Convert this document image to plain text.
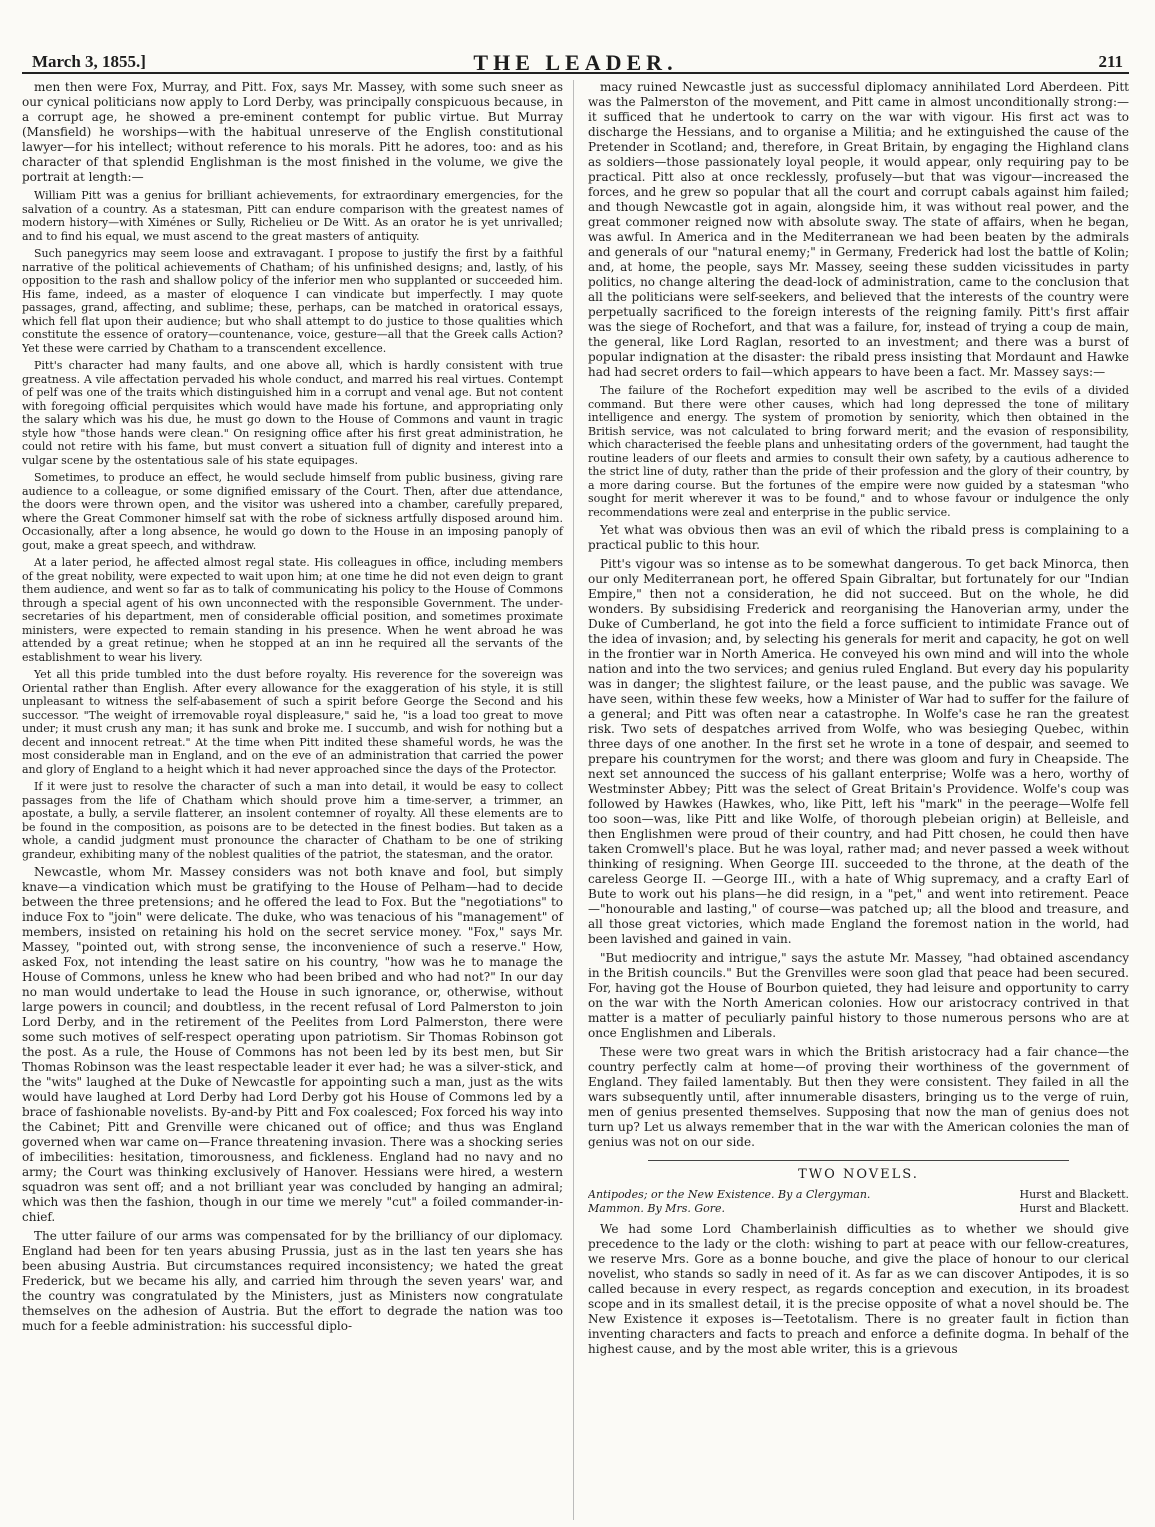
March 3, 1855.]	THE LEADER.	211

men then were Fox, Murray, and Pitt. Fox, says Mr. Massey, with some such sneer as our cynical politicians now apply to Lord Derby, was principally conspicuous because, in a corrupt age, he showed a pre-eminent contempt for public virtue. But Murray (Mansfield) he worships—with the habitual unreserve of the English constitutional lawyer—for his intellect; without reference to his morals. Pitt he adores, too: and as his character of that splendid Englishman is the most finished in the volume, we give the portrait at length:—

William Pitt was a genius for brilliant achievements, for extraordinary emergencies, for the salvation of a country. As a statesman, Pitt can endure comparison with the greatest names of modern history—with Ximénes or Sully, Richelieu or De Witt. As an orator he is yet unrivalled; and to find his equal, we must ascend to the great masters of antiquity.

Such panegyrics may seem loose and extravagant. I propose to justify the first by a faithful narrative of the political achievements of Chatham; of his unfinished designs; and, lastly, of his opposition to the rash and shallow policy of the inferior men who supplanted or succeeded him. His fame, indeed, as a master of eloquence I can vindicate but imperfectly. I may quote passages, grand, affecting, and sublime; these, perhaps, can be matched in oratorical essays, which fell flat upon their audience; but who shall attempt to do justice to those qualities which constitute the essence of oratory—countenance, voice, gesture—all that the Greek calls Action? Yet these were carried by Chatham to a transcendent excellence.

Pitt's character had many faults, and one above all, which is hardly consistent with true greatness. A vile affectation pervaded his whole conduct, and marred his real virtues. Contempt of pelf was one of the traits which distinguished him in a corrupt and venal age. But not content with foregoing official perquisites which would have made his fortune, and appropriating only the salary which was his due, he must go down to the House of Commons and vaunt in tragic style how "those hands were clean." On resigning office after his first great administration, he could not retire with his fame, but must convert a situation full of dignity and interest into a vulgar scene by the ostentatious sale of his state equipages.

Sometimes, to produce an effect, he would seclude himself from public business, giving rare audience to a colleague, or some dignified emissary of the Court. Then, after due attendance, the doors were thrown open, and the visitor was ushered into a chamber, carefully prepared, where the Great Commoner himself sat with the robe of sickness artfully disposed around him. Occasionally, after a long absence, he would go down to the House in an imposing panoply of gout, make a great speech, and withdraw.

At a later period, he affected almost regal state. His colleagues in office, including members of the great nobility, were expected to wait upon him; at one time he did not even deign to grant them audience, and went so far as to talk of communicating his policy to the House of Commons through a special agent of his own unconnected with the responsible Government. The under-secretaries of his department, men of considerable official position, and sometimes proximate ministers, were expected to remain standing in his presence. When he went abroad he was attended by a great retinue; when he stopped at an inn he required all the servants of the establishment to wear his livery.

Yet all this pride tumbled into the dust before royalty. His reverence for the sovereign was Oriental rather than English. After every allowance for the exaggeration of his style, it is still unpleasant to witness the self-abasement of such a spirit before George the Second and his successor. "The weight of irremovable royal displeasure," said he, "is a load too great to move under; it must crush any man; it has sunk and broke me. I succumb, and wish for nothing but a decent and innocent retreat." At the time when Pitt indited these shameful words, he was the most considerable man in England, and on the eve of an administration that carried the power and glory of England to a height which it had never approached since the days of the Protector.

If it were just to resolve the character of such a man into detail, it would be easy to collect passages from the life of Chatham which should prove him a time-server, a trimmer, an apostate, a bully, a servile flatterer, an insolent contemner of royalty. All these elements are to be found in the composition, as poisons are to be detected in the finest bodies. But taken as a whole, a candid judgment must pronounce the character of Chatham to be one of striking grandeur, exhibiting many of the noblest qualities of the patriot, the statesman, and the orator.

Newcastle, whom Mr. Massey considers was not both knave and fool, but simply knave—a vindication which must be gratifying to the House of Pelham—had to decide between the three pretensions; and he offered the lead to Fox. But the "negotiations" to induce Fox to "join" were delicate. The duke, who was tenacious of his "management" of members, insisted on retaining his hold on the secret service money. "Fox," says Mr. Massey, "pointed out, with strong sense, the inconvenience of such a reserve." How, asked Fox, not intending the least satire on his country, "how was he to manage the House of Commons, unless he knew who had been bribed and who had not?" In our day no man would undertake to lead the House in such ignorance, or, otherwise, without large powers in council; and doubtless, in the recent refusal of Lord Palmerston to join Lord Derby, and in the retirement of the Peelites from Lord Palmerston, there were some such motives of self-respect operating upon patriotism. Sir Thomas Robinson got the post. As a rule, the House of Commons has not been led by its best men, but Sir Thomas Robinson was the least respectable leader it ever had; he was a silver-stick, and the "wits" laughed at the Duke of Newcastle for appointing such a man, just as the wits would have laughed at Lord Derby had Lord Derby got his House of Commons led by a brace of fashionable novelists. By-and-by Pitt and Fox coalesced; Fox forced his way into the Cabinet; Pitt and Grenville were chicaned out of office; and thus was England governed when war came on—France threatening invasion. There was a shocking series of imbecilities: hesitation, timorousness, and fickleness. England had no navy and no army; the Court was thinking exclusively of Hanover. Hessians were hired, a western squadron was sent off; and a not brilliant year was concluded by hanging an admiral; which was then the fashion, though in our time we merely "cut" a foiled commander-in-chief.

The utter failure of our arms was compensated for by the brilliancy of our diplomacy. England had been for ten years abusing Prussia, just as in the last ten years she has been abusing Austria. But circumstances required inconsistency; we hated the great Frederick, but we became his ally, and carried him through the seven years' war, and the country was congratulated by the Ministers, just as Ministers now congratulate themselves on the adhesion of Austria. But the effort to degrade the nation was too much for a feeble administration: his successful diplo-

macy ruined Newcastle just as successful diplomacy annihilated Lord Aberdeen. Pitt was the Palmerston of the movement, and Pitt came in almost unconditionally strong:—it sufficed that he undertook to carry on the war with vigour. His first act was to discharge the Hessians, and to organise a Militia; and he extinguished the cause of the Pretender in Scotland; and, therefore, in Great Britain, by engaging the Highland clans as soldiers—those passionately loyal people, it would appear, only requiring pay to be practical. Pitt also at once recklessly, profusely—but that was vigour—increased the forces, and he grew so popular that all the court and corrupt cabals against him failed; and though Newcastle got in again, alongside him, it was without real power, and the great commoner reigned now with absolute sway. The state of affairs, when he began, was awful. In America and in the Mediterranean we had been beaten by the admirals and generals of our "natural enemy;" in Germany, Frederick had lost the battle of Kolin; and, at home, the people, says Mr. Massey, seeing these sudden vicissitudes in party politics, no change altering the dead-lock of administration, came to the conclusion that all the politicians were self-seekers, and believed that the interests of the country were perpetually sacrificed to the foreign interests of the reigning family. Pitt's first affair was the siege of Rochefort, and that was a failure, for, instead of trying a coup de main, the general, like Lord Raglan, resorted to an investment; and there was a burst of popular indignation at the disaster: the ribald press insisting that Mordaunt and Hawke had had secret orders to fail—which appears to have been a fact. Mr. Massey says:—

The failure of the Rochefort expedition may well be ascribed to the evils of a divided command. But there were other causes, which had long depressed the tone of military intelligence and energy. The system of promotion by seniority, which then obtained in the British service, was not calculated to bring forward merit; and the evasion of responsibility, which characterised the feeble plans and unhesitating orders of the government, had taught the routine leaders of our fleets and armies to consult their own safety, by a cautious adherence to the strict line of duty, rather than the pride of their profession and the glory of their country, by a more daring course. But the fortunes of the empire were now guided by a statesman "who sought for merit wherever it was to be found," and to whose favour or indulgence the only recommendations were zeal and enterprise in the public service.

Yet what was obvious then was an evil of which the ribald press is complaining to a practical public to this hour.

Pitt's vigour was so intense as to be somewhat dangerous. To get back Minorca, then our only Mediterranean port, he offered Spain Gibraltar, but fortunately for our "Indian Empire," then not a consideration, he did not succeed. But on the whole, he did wonders. By subsidising Frederick and reorganising the Hanoverian army, under the Duke of Cumberland, he got into the field a force sufficient to intimidate France out of the idea of invasion; and, by selecting his generals for merit and capacity, he got on well in the frontier war in North America. He conveyed his own mind and will into the whole nation and into the two services; and genius ruled England. But every day his popularity was in danger; the slightest failure, or the least pause, and the public was savage. We have seen, within these few weeks, how a Minister of War had to suffer for the failure of a general; and Pitt was often near a catastrophe. In Wolfe's case he ran the greatest risk. Two sets of despatches arrived from Wolfe, who was besieging Quebec, within three days of one another. In the first set he wrote in a tone of despair, and seemed to prepare his countrymen for the worst; and there was gloom and fury in Cheapside. The next set announced the success of his gallant enterprise; Wolfe was a hero, worthy of Westminster Abbey; Pitt was the select of Great Britain's Providence. Wolfe's coup was followed by Hawkes (Hawkes, who, like Pitt, left his "mark" in the peerage—Wolfe fell too soon—was, like Pitt and like Wolfe, of thorough plebeian origin) at Belleisle, and then Englishmen were proud of their country, and had Pitt chosen, he could then have taken Cromwell's place. But he was loyal, rather mad; and never passed a week without thinking of resigning. When George III. succeeded to the throne, at the death of the careless George II. —George III., with a hate of Whig supremacy, and a crafty Earl of Bute to work out his plans—he did resign, in a "pet," and went into retirement. Peace—"honourable and lasting," of course—was patched up; all the blood and treasure, and all those great victories, which made England the foremost nation in the world, had been lavished and gained in vain.

"But mediocrity and intrigue," says the astute Mr. Massey, "had obtained ascendancy in the British councils." But the Grenvilles were soon glad that peace had been secured. For, having got the House of Bourbon quieted, they had leisure and opportunity to carry on the war with the North American colonies. How our aristocracy contrived in that matter is a matter of peculiarly painful history to those numerous persons who are at once Englishmen and Liberals.

These were two great wars in which the British aristocracy had a fair chance—the country perfectly calm at home—of proving their worthiness of the government of England. They failed lamentably. But then they were consistent. They failed in all the wars subsequently until, after innumerable disasters, bringing us to the verge of ruin, men of genius presented themselves. Supposing that now the man of genius does not turn up? Let us always remember that in the war with the American colonies the man of genius was not on our side.

TWO NOVELS.
Antipodes; or the New Existence. By a Clergyman.	Hurst and Blackett.
Mammon. By Mrs. Gore.	Hurst and Blackett.

We had some Lord Chamberlainish difficulties as to whether we should give precedence to the lady or the cloth: wishing to part at peace with our fellow-creatures, we reserve Mrs. Gore as a bonne bouche, and give the place of honour to our clerical novelist, who stands so sadly in need of it. As far as we can discover Antipodes, it is so called because in every respect, as regards conception and execution, in its broadest scope and in its smallest detail, it is the precise opposite of what a novel should be. The New Existence it exposes is—Teetotalism. There is no greater fault in fiction than inventing characters and facts to preach and enforce a definite dogma. In behalf of the highest cause, and by the most able writer, this is a grievous
